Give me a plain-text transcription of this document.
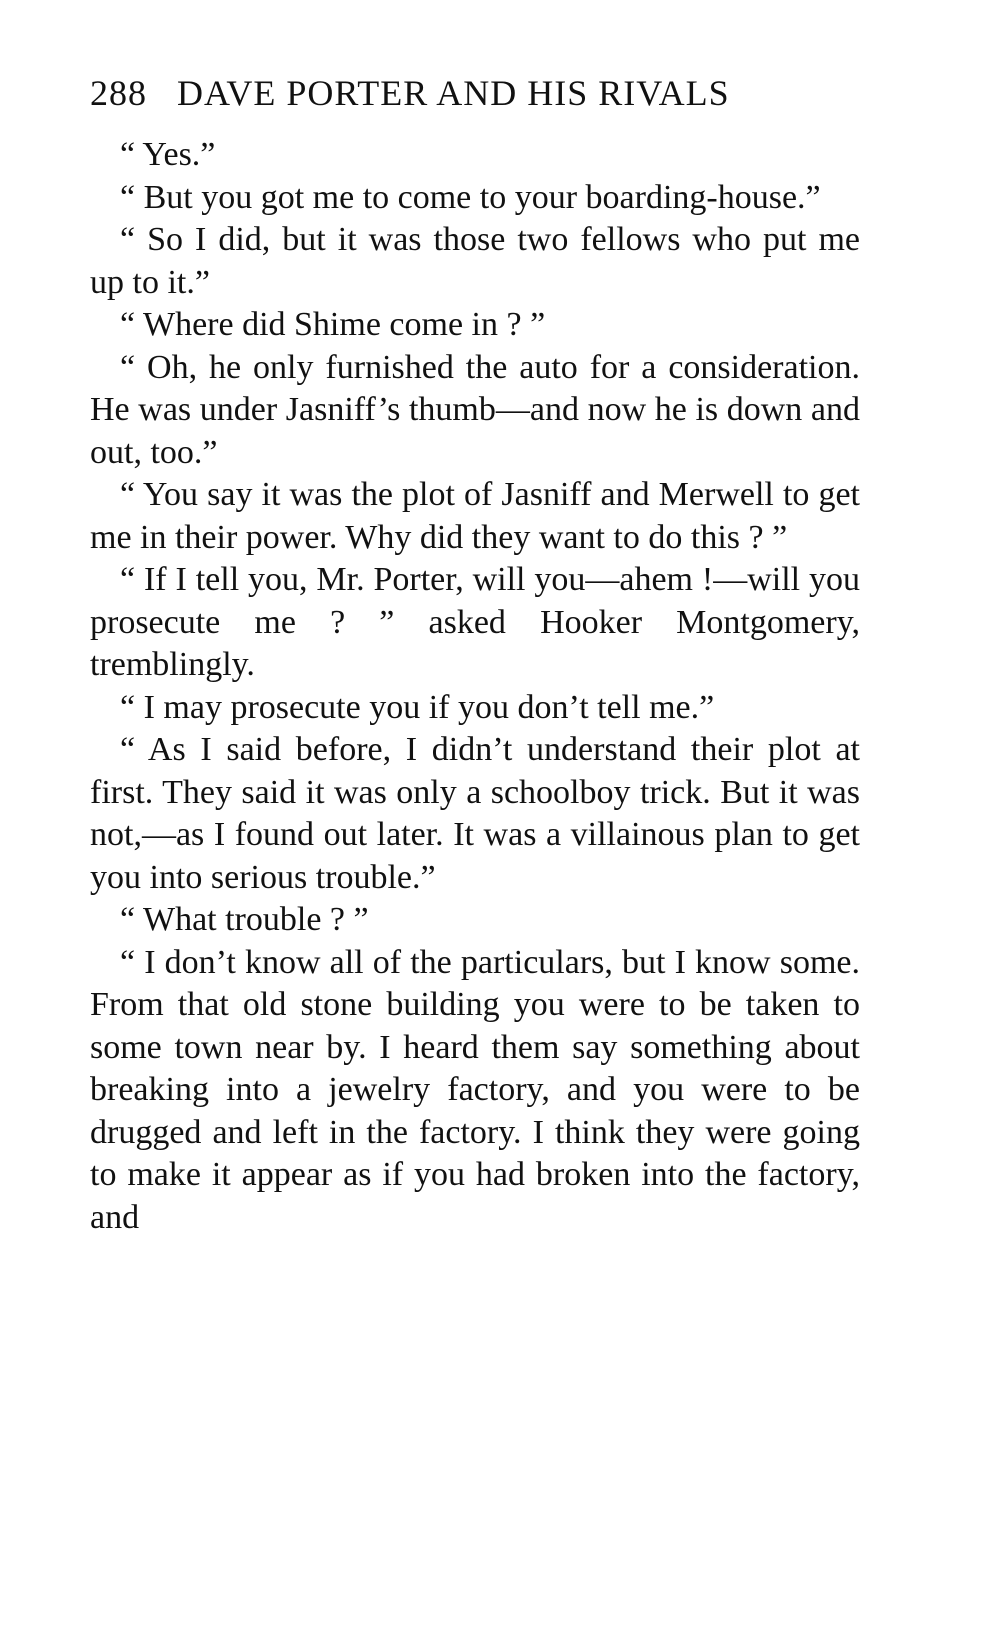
288 DAVE PORTER AND HIS RIVALS

“ Yes.”

“ But you got me to come to your boarding-house.”

“ So I did, but it was those two fellows who put me up to it.”

“ Where did Shime come in ? ”

“ Oh, he only furnished the auto for a consideration. He was under Jasniff’s thumb—and now he is down and out, too.”

“ You say it was the plot of Jasniff and Merwell to get me in their power. Why did they want to do this ? ”

“ If I tell you, Mr. Porter, will you—ahem !—will you prosecute me ? ” asked Hooker Montgomery, tremblingly.

“ I may prosecute you if you don’t tell me.”

“ As I said before, I didn’t understand their plot at first. They said it was only a schoolboy trick. But it was not,—as I found out later. It was a villainous plan to get you into serious trouble.”

“ What trouble ? ”

“ I don’t know all of the particulars, but I know some. From that old stone building you were to be taken to some town near by. I heard them say something about breaking into a jewelry factory, and you were to be drugged and left in the factory. I think they were going to make it appear as if you had broken into the factory, and
